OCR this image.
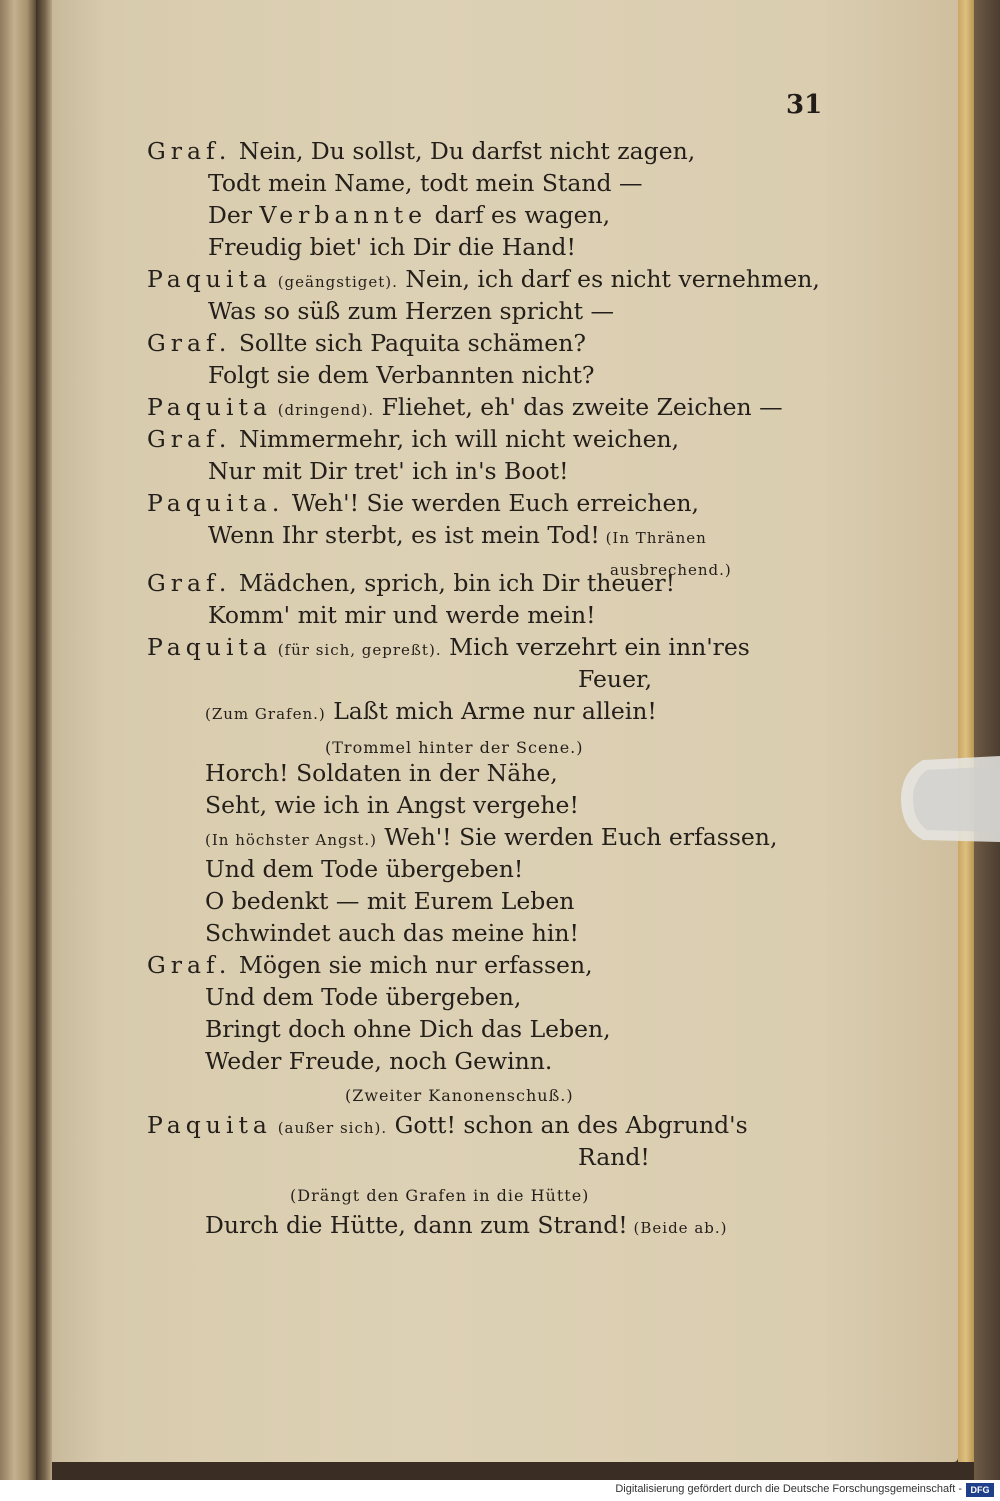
31
Graf. Nein, Du sollst, Du darfst nicht zagen,
Todt mein Name, todt mein Stand —
Der Verbannte darf es wagen,
Freudig biet' ich Dir die Hand!
Paquita (geängstiget). Nein, ich darf es nicht vernehmen,
Was so süß zum Herzen spricht —
Graf. Sollte sich Paquita schämen?
Folgt sie dem Verbannten nicht?
Paquita (dringend). Fliehet, eh' das zweite Zeichen —
Graf. Nimmermehr, ich will nicht weichen,
Nur mit Dir tret' ich in's Boot!
Paquita. Weh'! Sie werden Euch erreichen,
Wenn Ihr sterbt, es ist mein Tod! (In Thränen
ausbrechend.)
Graf. Mädchen, sprich, bin ich Dir theuer!
Komm' mit mir und werde mein!
Paquita (für sich, gepreßt). Mich verzehrt ein inn'res
Feuer,
(Zum Grafen.) Laßt mich Arme nur allein!
(Trommel hinter der Scene.)
Horch! Soldaten in der Nähe,
Seht, wie ich in Angst vergehe!
(In höchster Angst.) Weh'! Sie werden Euch erfassen,
Und dem Tode übergeben!
O bedenkt — mit Eurem Leben
Schwindet auch das meine hin!
Graf. Mögen sie mich nur erfassen,
Und dem Tode übergeben,
Bringt doch ohne Dich das Leben,
Weder Freude, noch Gewinn.
(Zweiter Kanonenschuß.)
Paquita (außer sich). Gott! schon an des Abgrund's
Rand!
(Drängt den Grafen in die Hütte)
Durch die Hütte, dann zum Strand! (Beide ab.)
Digitalisierung gefördert durch die Deutsche Forschungsgemeinschaft - DFG
